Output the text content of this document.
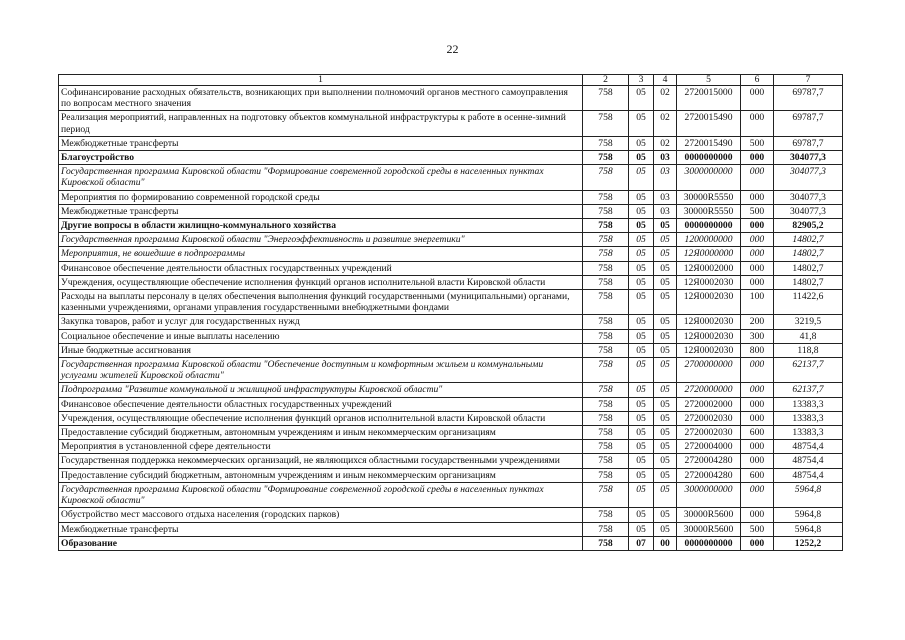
22
1	2	3	4	5	6	7
Софинансирование расходных обязательств, возникающих при выполнении полномочий органов местного самоуправления по вопросам местного значения	758	05	02	2720015000	000	69787,7
Реализация мероприятий, направленных на подготовку объектов коммунальной инфраструктуры к работе в осенне-зимний период	758	05	02	2720015490	000	69787,7
Межбюджетные трансферты	758	05	02	2720015490	500	69787,7
Благоустройство	758	05	03	0000000000	000	304077,3
Государственная программа Кировской области "Формирование современной городской среды в населенных пунктах Кировской области"	758	05	03	3000000000	000	304077,3
Мероприятия по формированию современной городской среды	758	05	03	30000R5550	000	304077,3
Межбюджетные трансферты	758	05	03	30000R5550	500	304077,3
Другие вопросы в области жилищно-коммунального хозяйства	758	05	05	0000000000	000	82905,2
Государственная программа Кировской области "Энергоэффективность и развитие энергетики"	758	05	05	1200000000	000	14802,7
Мероприятия, не вошедшие в подпрограммы	758	05	05	12Я0000000	000	14802,7
Финансовое обеспечение деятельности областных государственных учреждений	758	05	05	12Я0002000	000	14802,7
Учреждения, осуществляющие обеспечение исполнения функций органов исполнительной власти Кировской области	758	05	05	12Я0002030	000	14802,7
Расходы на выплаты персоналу в целях обеспечения выполнения функций государственными (муниципальными) органами, казенными учреждениями, органами управления государственными внебюджетными фондами	758	05	05	12Я0002030	100	11422,6
Закупка товаров, работ и услуг для государственных нужд	758	05	05	12Я0002030	200	3219,5
Социальное обеспечение и иные выплаты населению	758	05	05	12Я0002030	300	41,8
Иные бюджетные ассигнования	758	05	05	12Я0002030	800	118,8
Государственная программа Кировской области "Обеспечение доступным и комфортным жильем и коммунальными услугами жителей Кировской области"	758	05	05	2700000000	000	62137,7
Подпрограмма "Развитие коммунальной и жилищной инфраструктуры Кировской области"	758	05	05	2720000000	000	62137,7
Финансовое обеспечение деятельности областных государственных учреждений	758	05	05	2720002000	000	13383,3
Учреждения, осуществляющие обеспечение исполнения функций органов исполнительной власти Кировской области	758	05	05	2720002030	000	13383,3
Предоставление субсидий бюджетным, автономным учреждениям и иным некоммерческим организациям	758	05	05	2720002030	600	13383,3
Мероприятия в установленной сфере деятельности	758	05	05	2720004000	000	48754,4
Государственная поддержка некоммерческих организаций, не являющихся областными государственными учреждениями	758	05	05	2720004280	000	48754,4
Предоставление субсидий бюджетным, автономным учреждениям и иным некоммерческим организациям	758	05	05	2720004280	600	48754,4
Государственная программа Кировской области "Формирование современной городской среды в населенных пунктах Кировской области"	758	05	05	3000000000	000	5964,8
Обустройство мест массового отдыха населения (городских парков)	758	05	05	30000R5600	000	5964,8
Межбюджетные трансферты	758	05	05	30000R5600	500	5964,8
Образование	758	07	00	0000000000	000	1252,2
